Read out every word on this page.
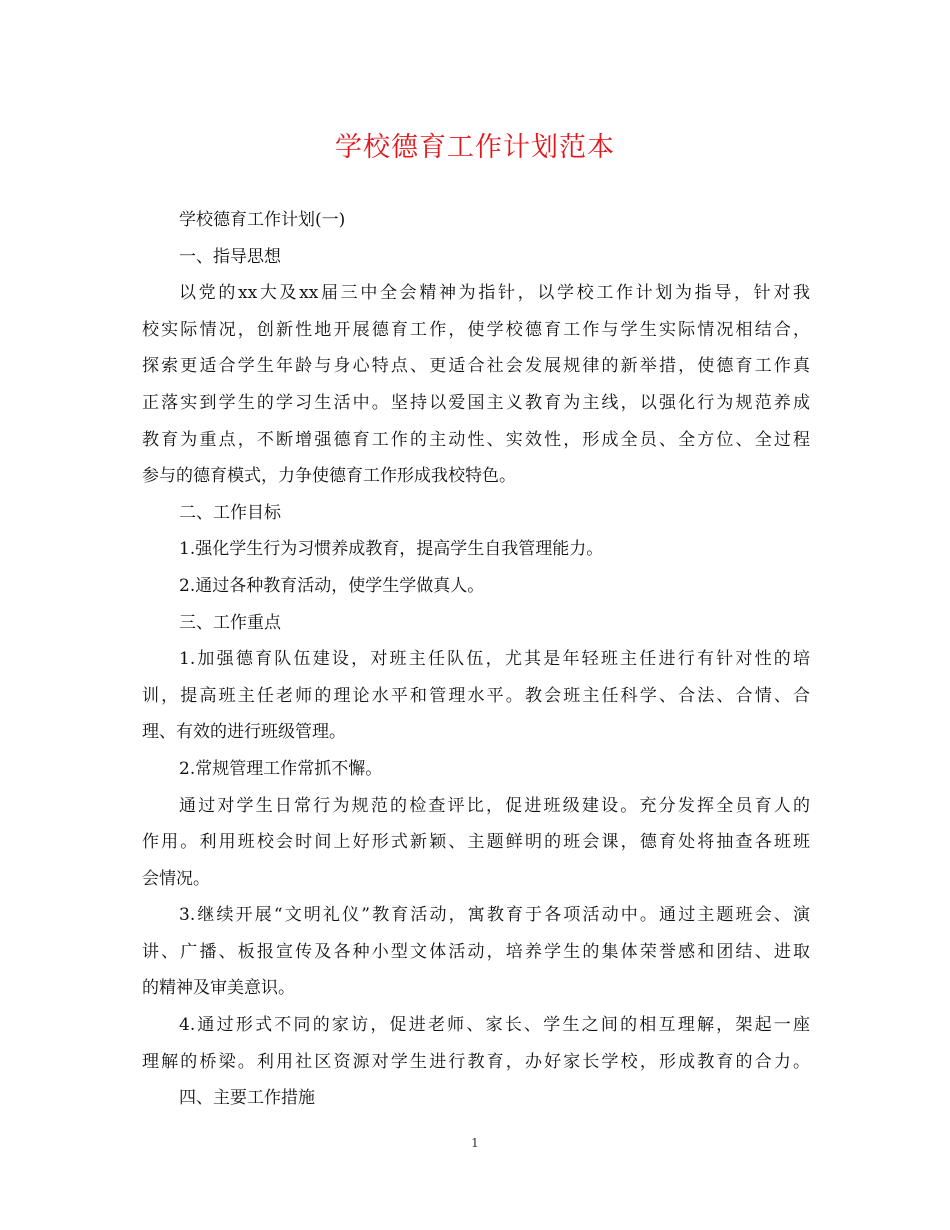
学校德育工作计划范本
学校德育工作计划(一)
一、指导思想
以党的xx大及xx届三中全会精神为指针，以学校工作计划为指导，针对我
校实际情况，创新性地开展德育工作，使学校德育工作与学生实际情况相结合，
探索更适合学生年龄与身心特点、更适合社会发展规律的新举措，使德育工作真
正落实到学生的学习生活中。坚持以爱国主义教育为主线，以强化行为规范养成
教育为重点，不断增强德育工作的主动性、实效性，形成全员、全方位、全过程
参与的德育模式，力争使德育工作形成我校特色。
二、工作目标
1.强化学生行为习惯养成教育，提高学生自我管理能力。
2.通过各种教育活动，使学生学做真人。
三、工作重点
1.加强德育队伍建设，对班主任队伍，尤其是年轻班主任进行有针对性的培
训，提高班主任老师的理论水平和管理水平。教会班主任科学、合法、合情、合
理、有效的进行班级管理。
2.常规管理工作常抓不懈。
通过对学生日常行为规范的检查评比，促进班级建设。充分发挥全员育人的
作用。利用班校会时间上好形式新颖、主题鲜明的班会课，德育处将抽查各班班
会情况。
3.继续开展“文明礼仪”教育活动，寓教育于各项活动中。通过主题班会、演
讲、广播、板报宣传及各种小型文体活动，培养学生的集体荣誉感和团结、进取
的精神及审美意识。
4.通过形式不同的家访，促进老师、家长、学生之间的相互理解，架起一座
理解的桥梁。利用社区资源对学生进行教育，办好家长学校，形成教育的合力。
四、主要工作措施
1
